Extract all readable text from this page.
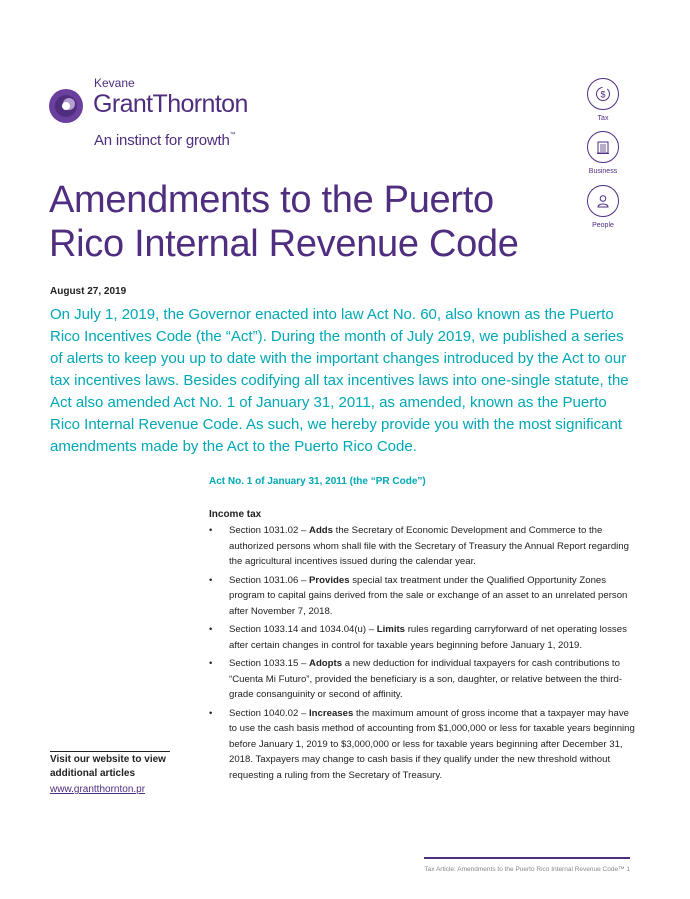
Kevane
GrantThornton
An instinct for growth™
$
Tax
Business
People
Amendments to the Puerto Rico Internal Revenue Code
August 27, 2019

On July 1, 2019, the Governor enacted into law Act No. 60, also known as the Puerto Rico Incentives Code (the “Act”). During the month of July 2019, we published a series of alerts to keep you up to date with the important changes introduced by the Act to our tax incentives laws. Besides codifying all tax incentives laws into one-single statute, the Act also amended Act No. 1 of January 31, 2011, as amended, known as the Puerto Rico Internal Revenue Code. As such, we hereby provide you with the most significant amendments made by the Act to the Puerto Rico Code.

Act No. 1 of January 31, 2011 (the “PR Code”)
Income tax
• Section 1031.02 – Adds the Secretary of Economic Development and Commerce to the authorized persons whom shall file with the Secretary of Treasury the Annual Report regarding the agricultural incentives issued during the calendar year.
• Section 1031.06 – Provides special tax treatment under the Qualified Opportunity Zones program to capital gains derived from the sale or exchange of an asset to an unrelated person after November 7, 2018.
• Section 1033.14 and 1034.04(u) – Limits rules regarding carryforward of net operating losses after certain changes in control for taxable years beginning before January 1, 2019.
• Section 1033.15 – Adopts a new deduction for individual taxpayers for cash contributions to “Cuenta Mi Futuro”, provided the beneficiary is a son, daughter, or relative between the third-grade consanguinity or second of affinity.
• Section 1040.02 – Increases the maximum amount of gross income that a taxpayer may have to use the cash basis method of accounting from $1,000,000 or less for taxable years beginning before January 1, 2019 to $3,000,000 or less for taxable years beginning after December 31, 2018. Taxpayers may change to cash basis if they qualify under the new threshold without requesting a ruling from the Secretary of Treasury.
Visit our website to view additional articles
www.grantthornton.pr
Tax Article: Amendments to the Puerto Rico Internal Revenue Code™ 1
